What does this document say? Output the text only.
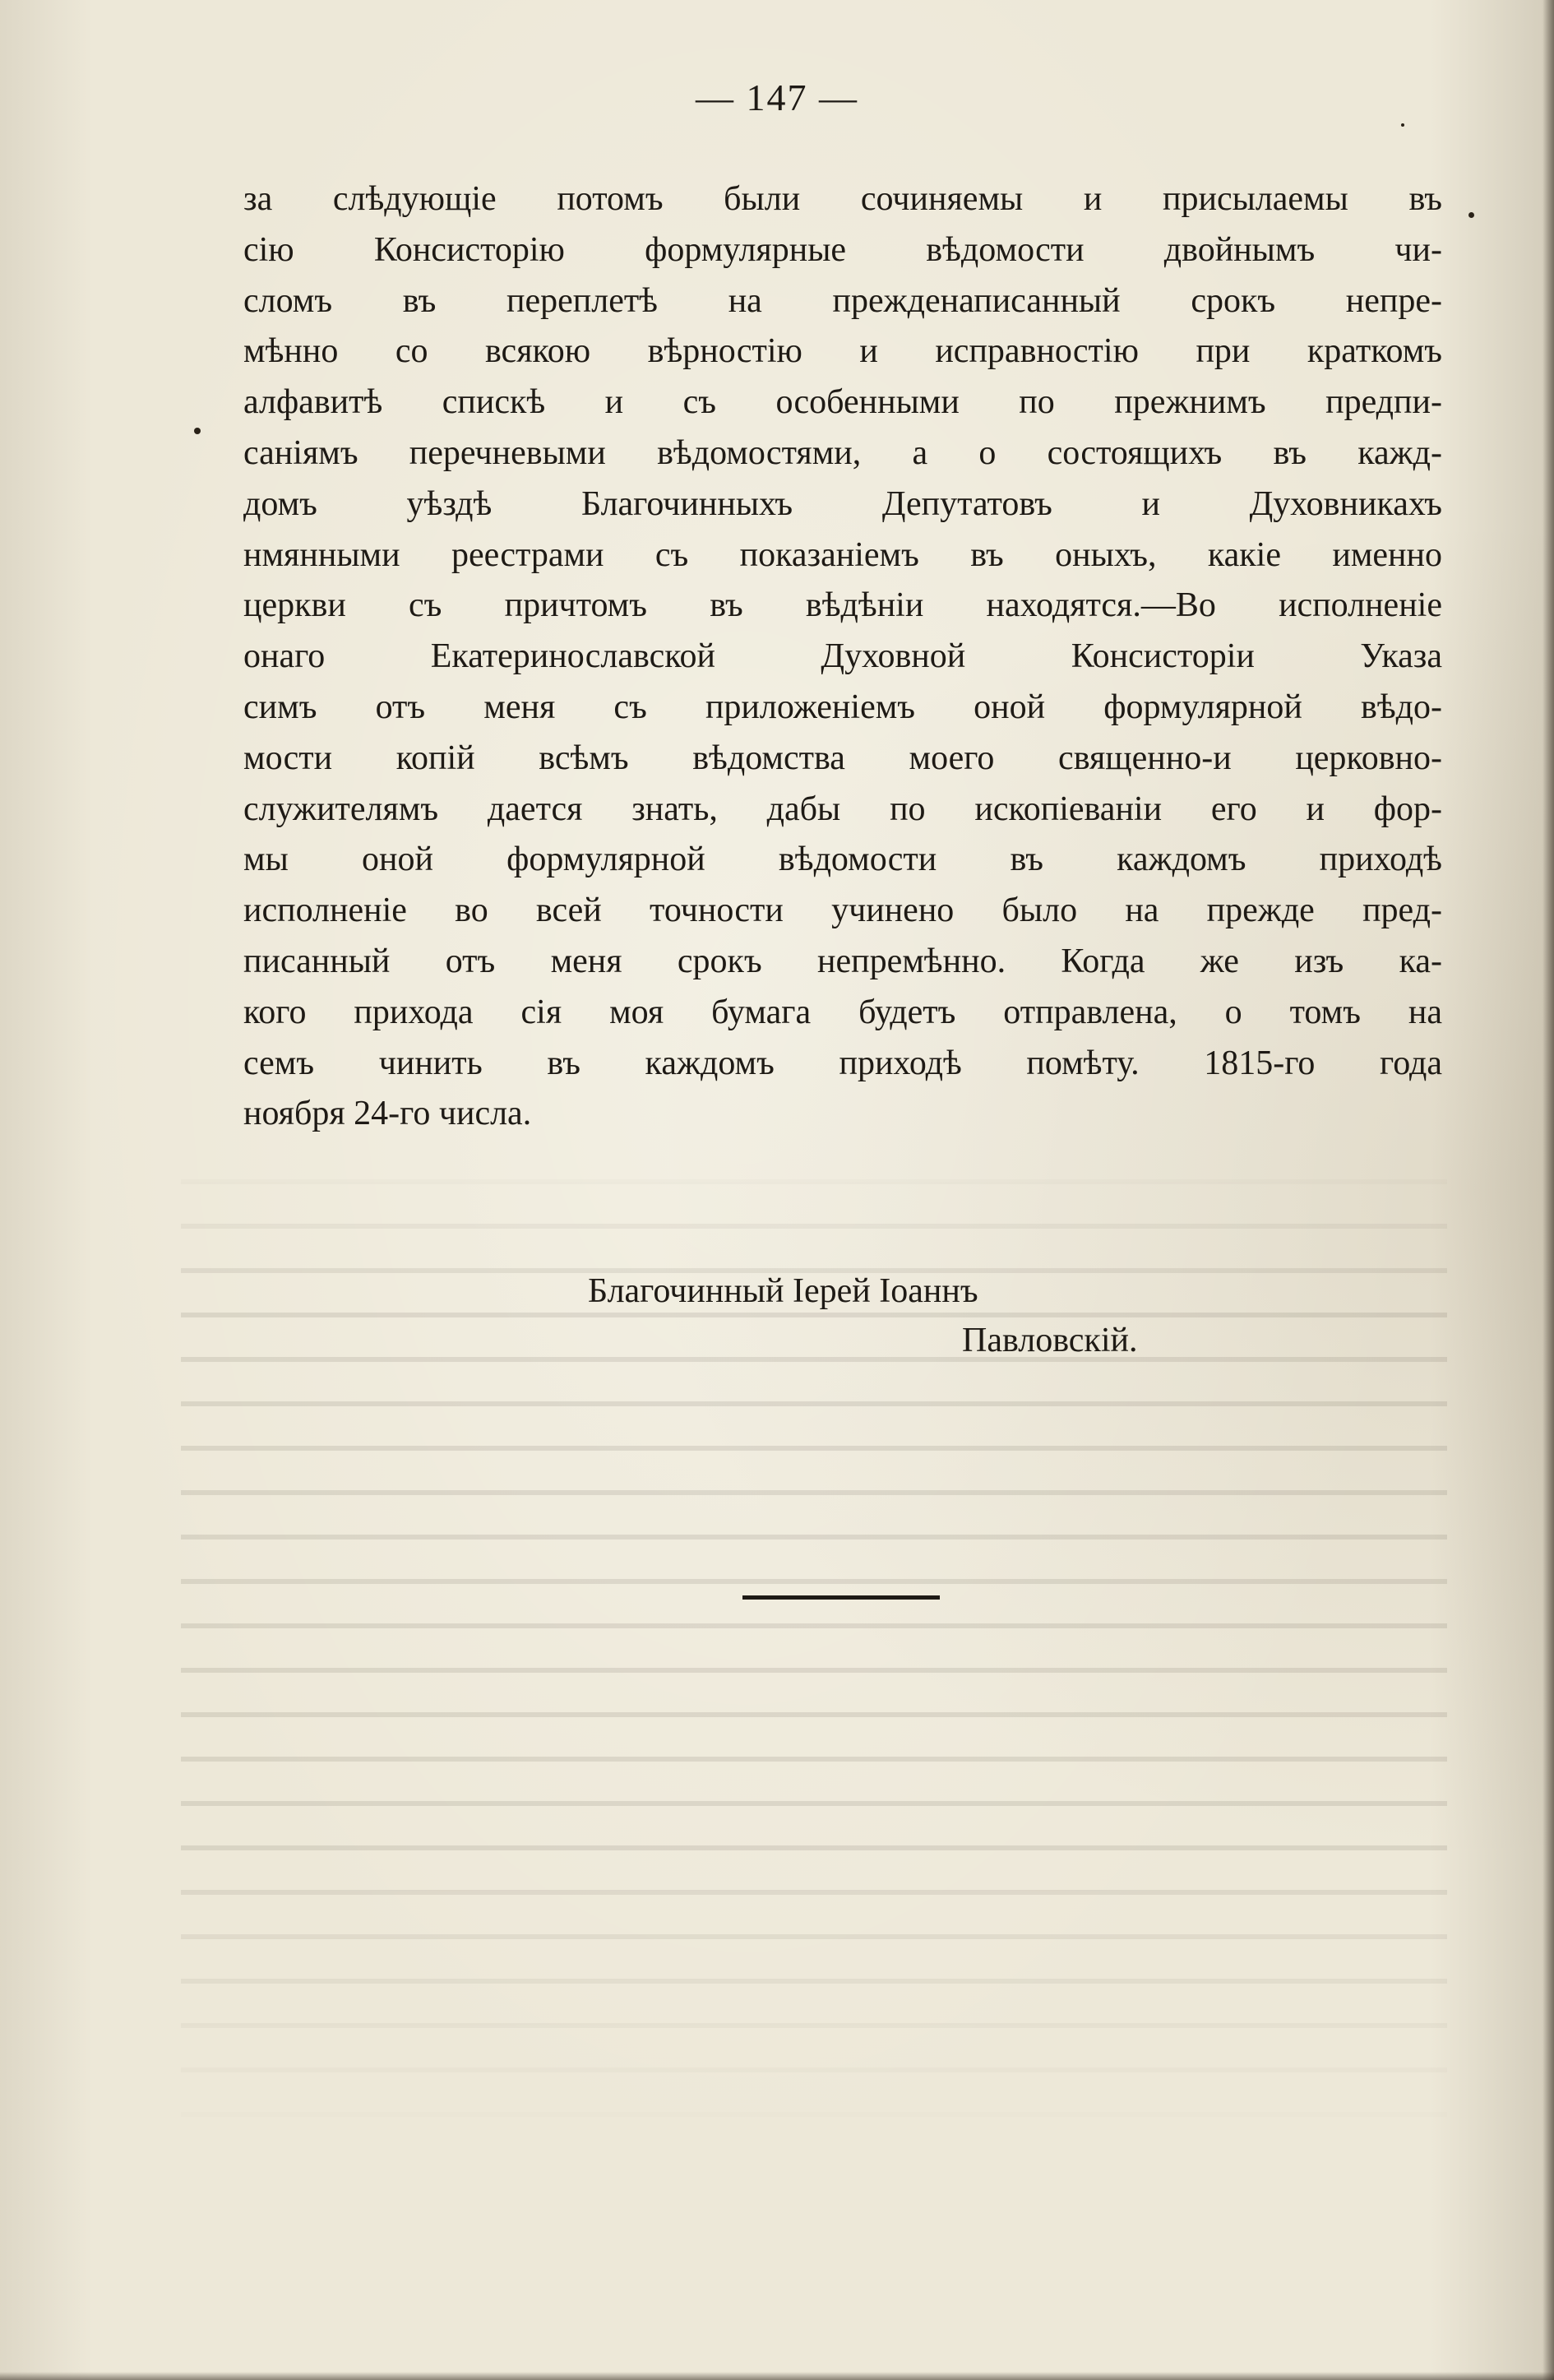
— 147 —
за слѣдующіе потомъ были сочиняемы и присылаемы въ
сію Консисторію формулярные вѣдомости двойнымъ чи-
сломъ въ переплетѣ на прежденаписанный срокъ непре-
мѣнно со всякою вѣрностію и исправностію при краткомъ
алфавитѣ спискѣ и съ особенными по прежнимъ предпи-
саніямъ перечневыми вѣдомостями, а о состоящихъ въ кажд-
домъ уѣздѣ Благочинныхъ Депутатовъ и Духовникахъ
нмянными реестрами съ показаніемъ въ оныхъ, какіе именно
церкви съ причтомъ въ вѣдѣніи находятся.—Во исполненіе
онаго Екатеринославской Духовной Консисторіи Указа
симъ отъ меня съ приложеніемъ оной формулярной вѣдо-
мости копій всѣмъ вѣдомства моего священно-и церковно-
служителямъ дается знать, дабы по ископіеваніи его и фор-
мы оной формулярной вѣдомости въ каждомъ приходѣ
исполненіе во всей точности учинено было на прежде пред-
писанный отъ меня срокъ непремѣнно. Когда же изъ ка-
кого прихода сія моя бумага будетъ отправлена, о томъ на
семъ чинить въ каждомъ приходѣ помѣту. 1815-го года
ноября 24-го числа.
Благочинный Іерей Іоаннъ
Павловскій.
